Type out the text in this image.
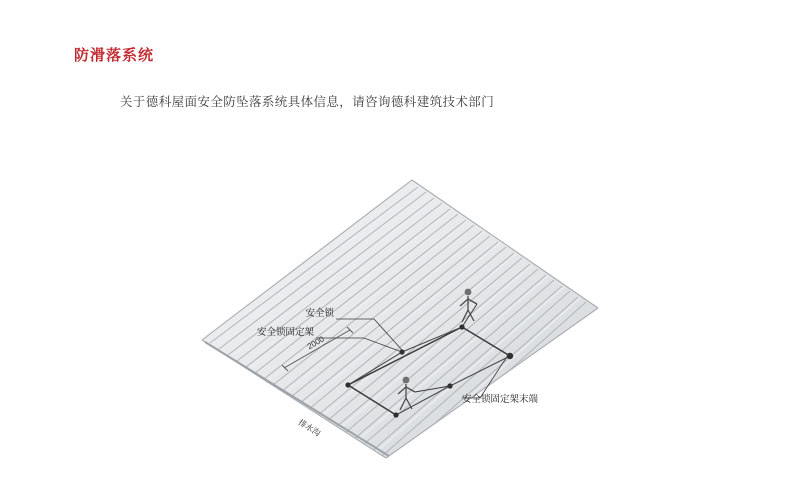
防滑落系统
关于德科屋面安全防坠落系统具体信息，请咨询德科建筑技术部门
安全锁
安全锁固定架
安全锁固定架末端
2000
排水沟
